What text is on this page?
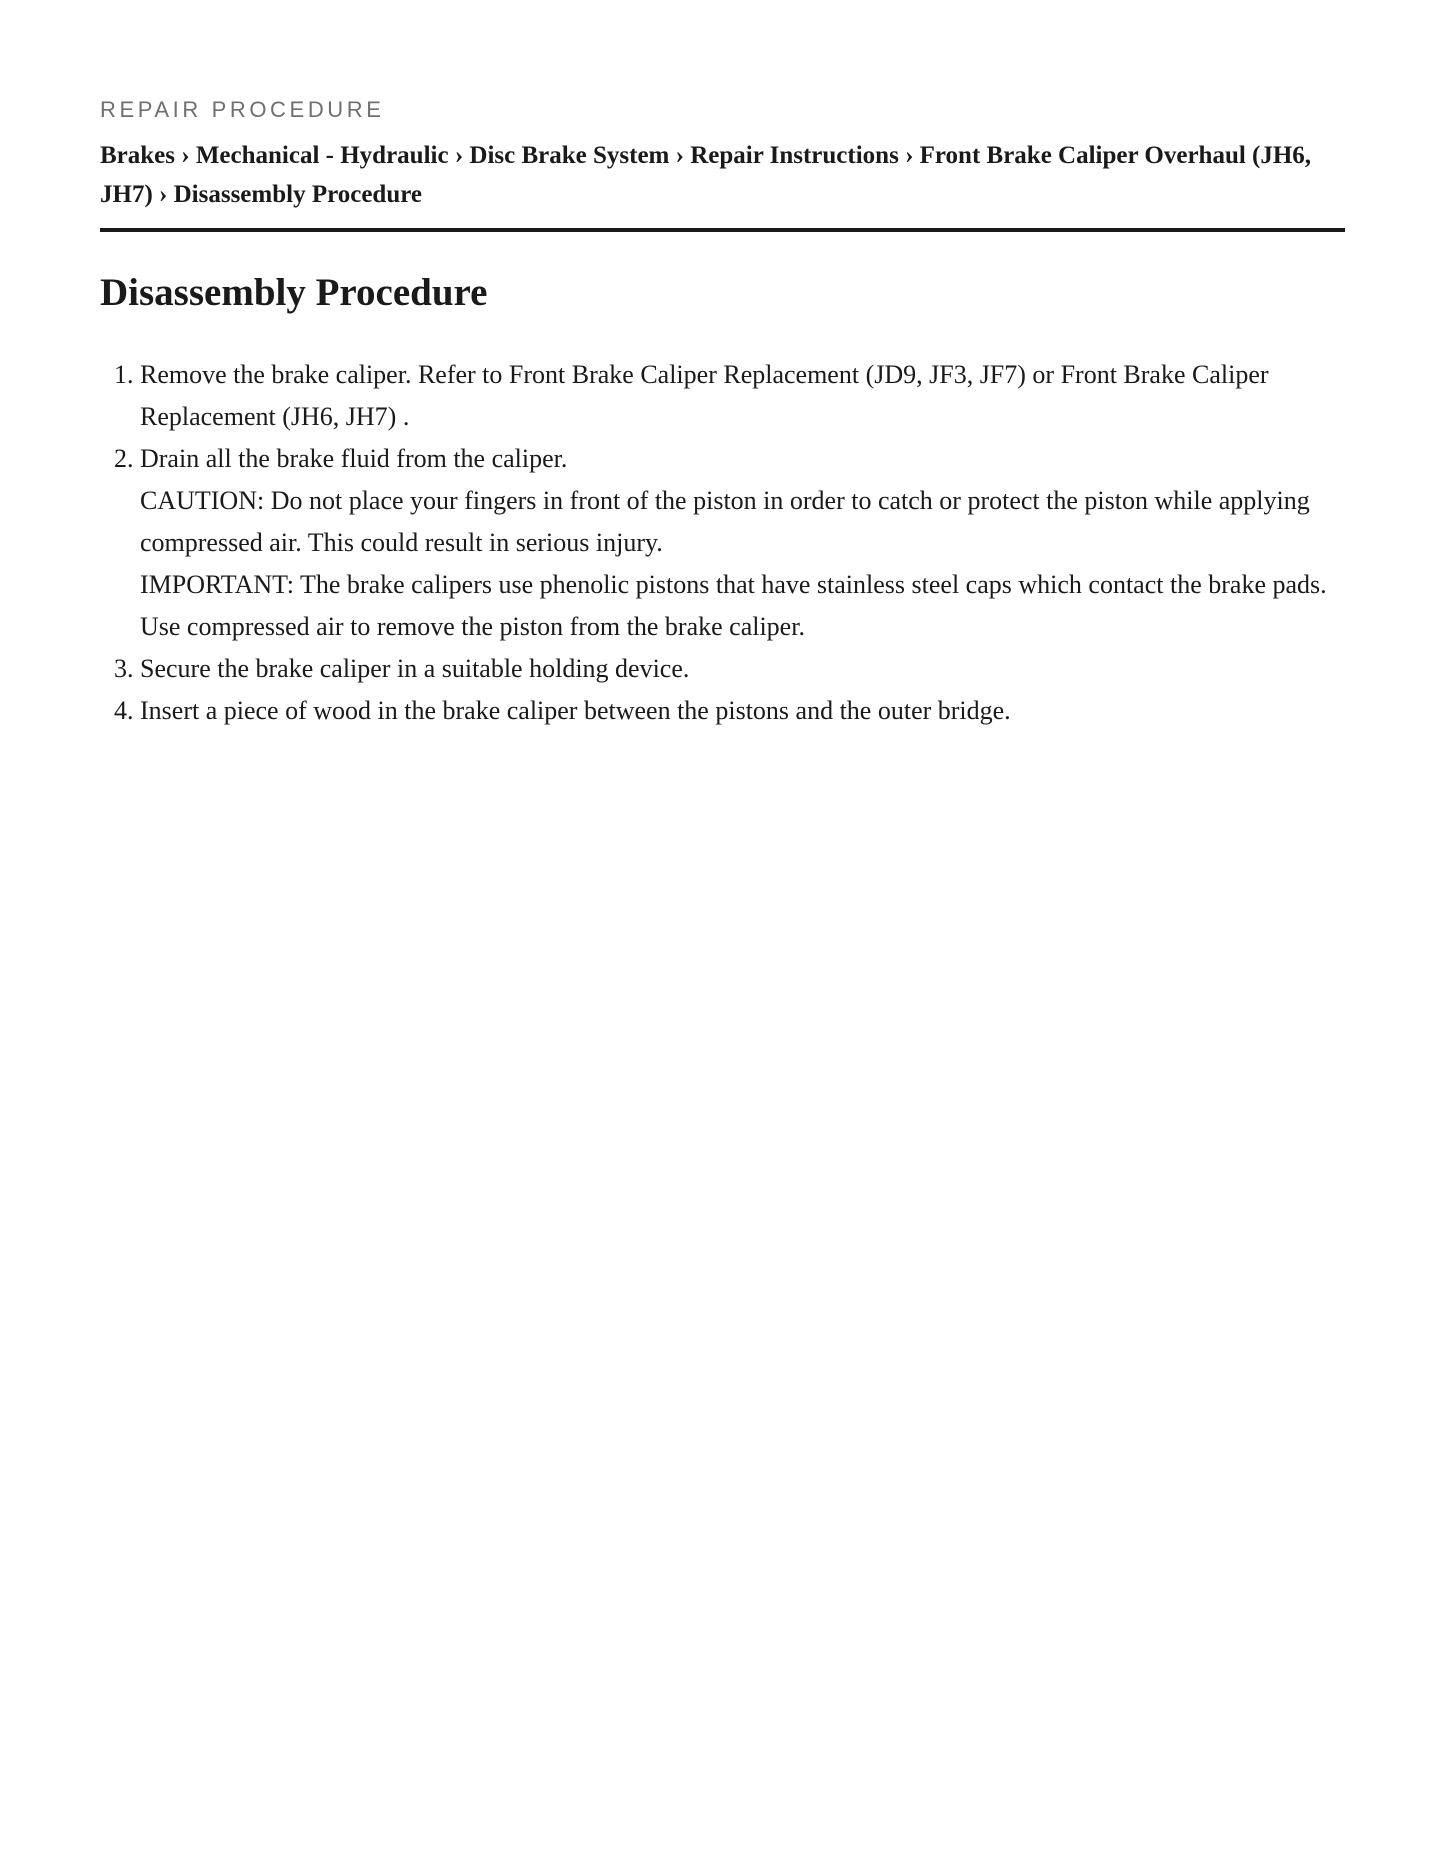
REPAIR PROCEDURE
Brakes › Mechanical - Hydraulic › Disc Brake System › Repair Instructions › Front Brake Caliper Overhaul (JH6, JH7) › Disassembly Procedure
Disassembly Procedure
1. Remove the brake caliper. Refer to Front Brake Caliper Replacement (JD9, JF3, JF7) or Front Brake Caliper Replacement (JH6, JH7) .
2. Drain all the brake fluid from the caliper.
CAUTION: Do not place your fingers in front of the piston in order to catch or protect the piston while applying compressed air. This could result in serious injury.
IMPORTANT: The brake calipers use phenolic pistons that have stainless steel caps which contact the brake pads. Use compressed air to remove the piston from the brake caliper.
3. Secure the brake caliper in a suitable holding device.
4. Insert a piece of wood in the brake caliper between the pistons and the outer bridge.
